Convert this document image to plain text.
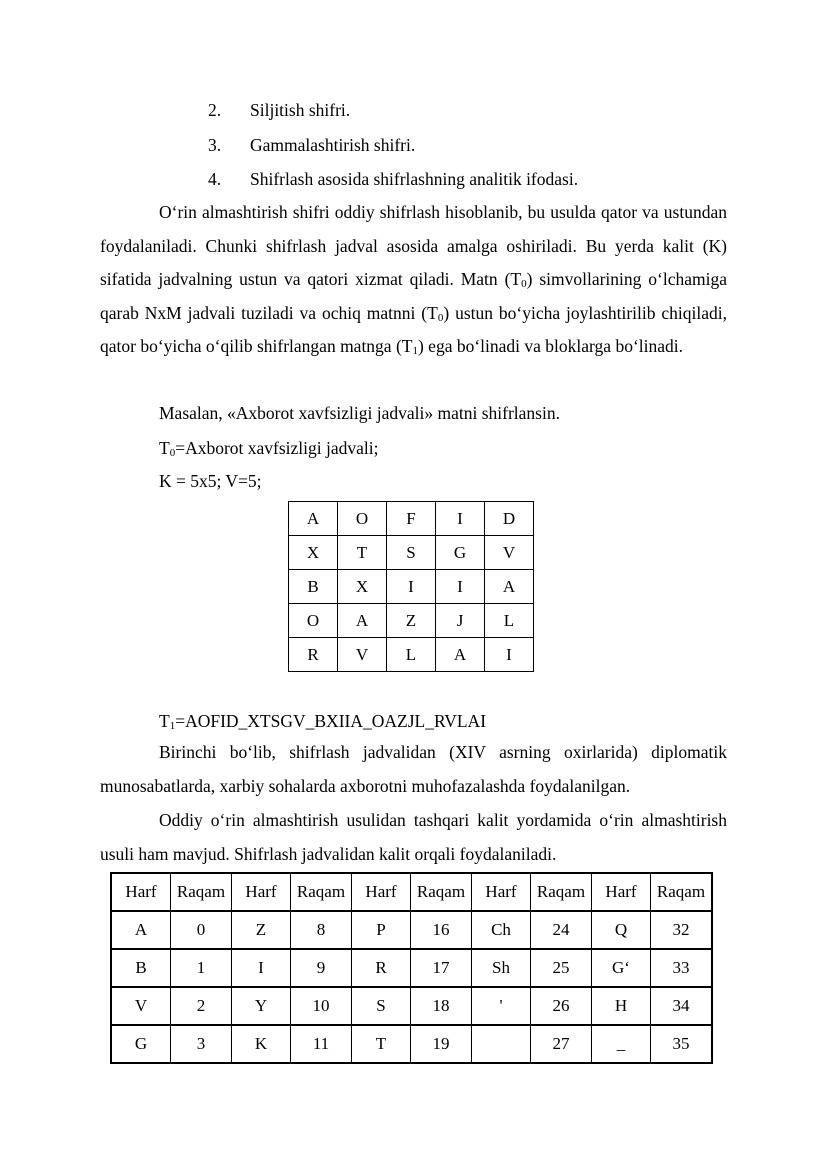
2. Siljitish shifri.
3. Gammalashtirish shifri.
4. Shifrlash asosida shifrlashning analitik ifodasi.

O‘rin almashtirish shifri oddiy shifrlash hisoblanib, bu usulda qator va ustundan foydalaniladi. Chunki shifrlash jadval asosida amalga oshiriladi. Bu yerda kalit (K) sifatida jadvalning ustun va qatori xizmat qiladi. Matn $(T_0)$ simvollarining o‘lchamiga qarab NxM jadvali tuziladi va ochiq matnni $(T_0)$ ustun bo‘yicha joylashtirilib chiqiladi, qator bo‘yicha o‘qilib shifrlangan matnga $(T_1)$ ega bo‘linadi va bloklarga bo‘linadi.

Masalan, «Axborot xavfsizligi jadvali» matni shifrlansin.
$T_0=Axborot$ xavfsizligi jadvali;
K = 5x5; V=5;
A	O	F	I	D
X	T	S	G	V
B	X	I	I	A
O	A	Z	J	L
R	V	L	A	I
$T_1=AOFID\_XTSGV\_BXIIA\_OAZJL\_RVLAI$

Birinchi bo‘lib, shifrlash jadvalidan (XIV asrning oxirlarida) diplomatik munosabatlarda, xarbiy sohalarda axborotni muhofazalashda foydalanilgan.

Oddiy o‘rin almashtirish usulidan tashqari kalit yordamida o‘rin almashtirish usuli ham mavjud. Shifrlash jadvalidan kalit orqali foydalaniladi.

Harf	Raqam	Harf	Raqam	Harf	Raqam	Harf	Raqam	Harf	Raqam
A	0	Z	8	P	16	Ch	24	Q	32
B	1	I	9	R	17	Sh	25	G‘	33
V	2	Y	10	S	18	'	26	H	34
G	3	K	11	T	19		27	_	35
